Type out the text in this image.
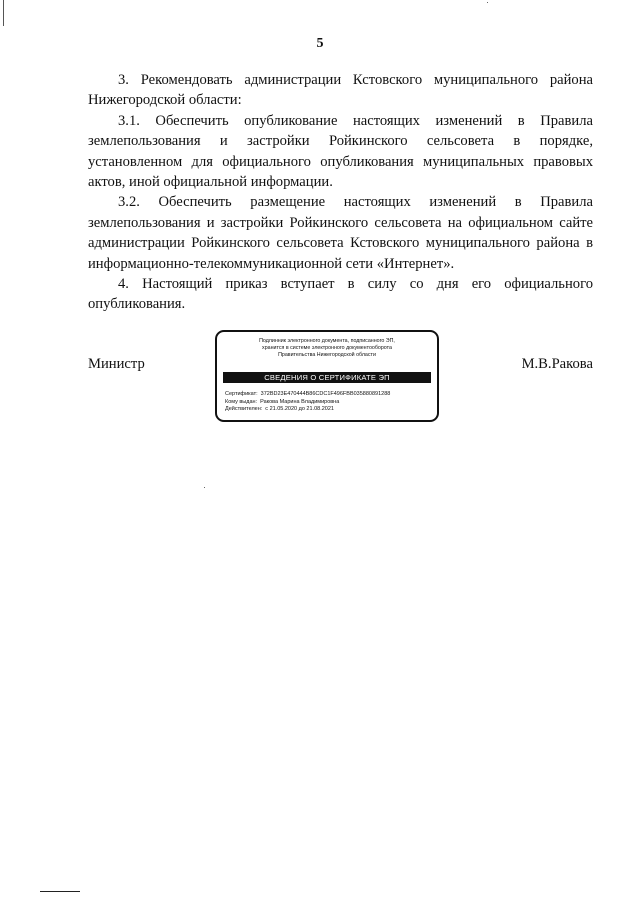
5

3. Рекомендовать администрации Кстовского муниципального района Нижегородской области:

3.1. Обеспечить опубликование настоящих изменений в Правила землепользования и застройки Ройкинского сельсовета в порядке, установленном для официального опубликования муниципальных правовых актов, иной официальной информации.

3.2. Обеспечить размещение настоящих изменений в Правила землепользования и застройки Ройкинского сельсовета на официальном сайте администрации Ройкинского сельсовета Кстовского муниципального района в информационно-телекоммуникационной сети «Интернет».

4. Настоящий приказ вступает в силу со дня его официального опубликования.

Министр	М.В.Ракова
Подлинник электронного документа, подписанного ЭП,
хранится в системе электронного документооборота
Правительства Нижегородской области
СВЕДЕНИЯ О СЕРТИФИКАТЕ ЭП
Сертификат: 372BD23E470444B86CDC1F496FBB035880891288
Кому выдан: Ракова Марина Владимировна
Действителен: с 21.05.2020 до 21.08.2021
